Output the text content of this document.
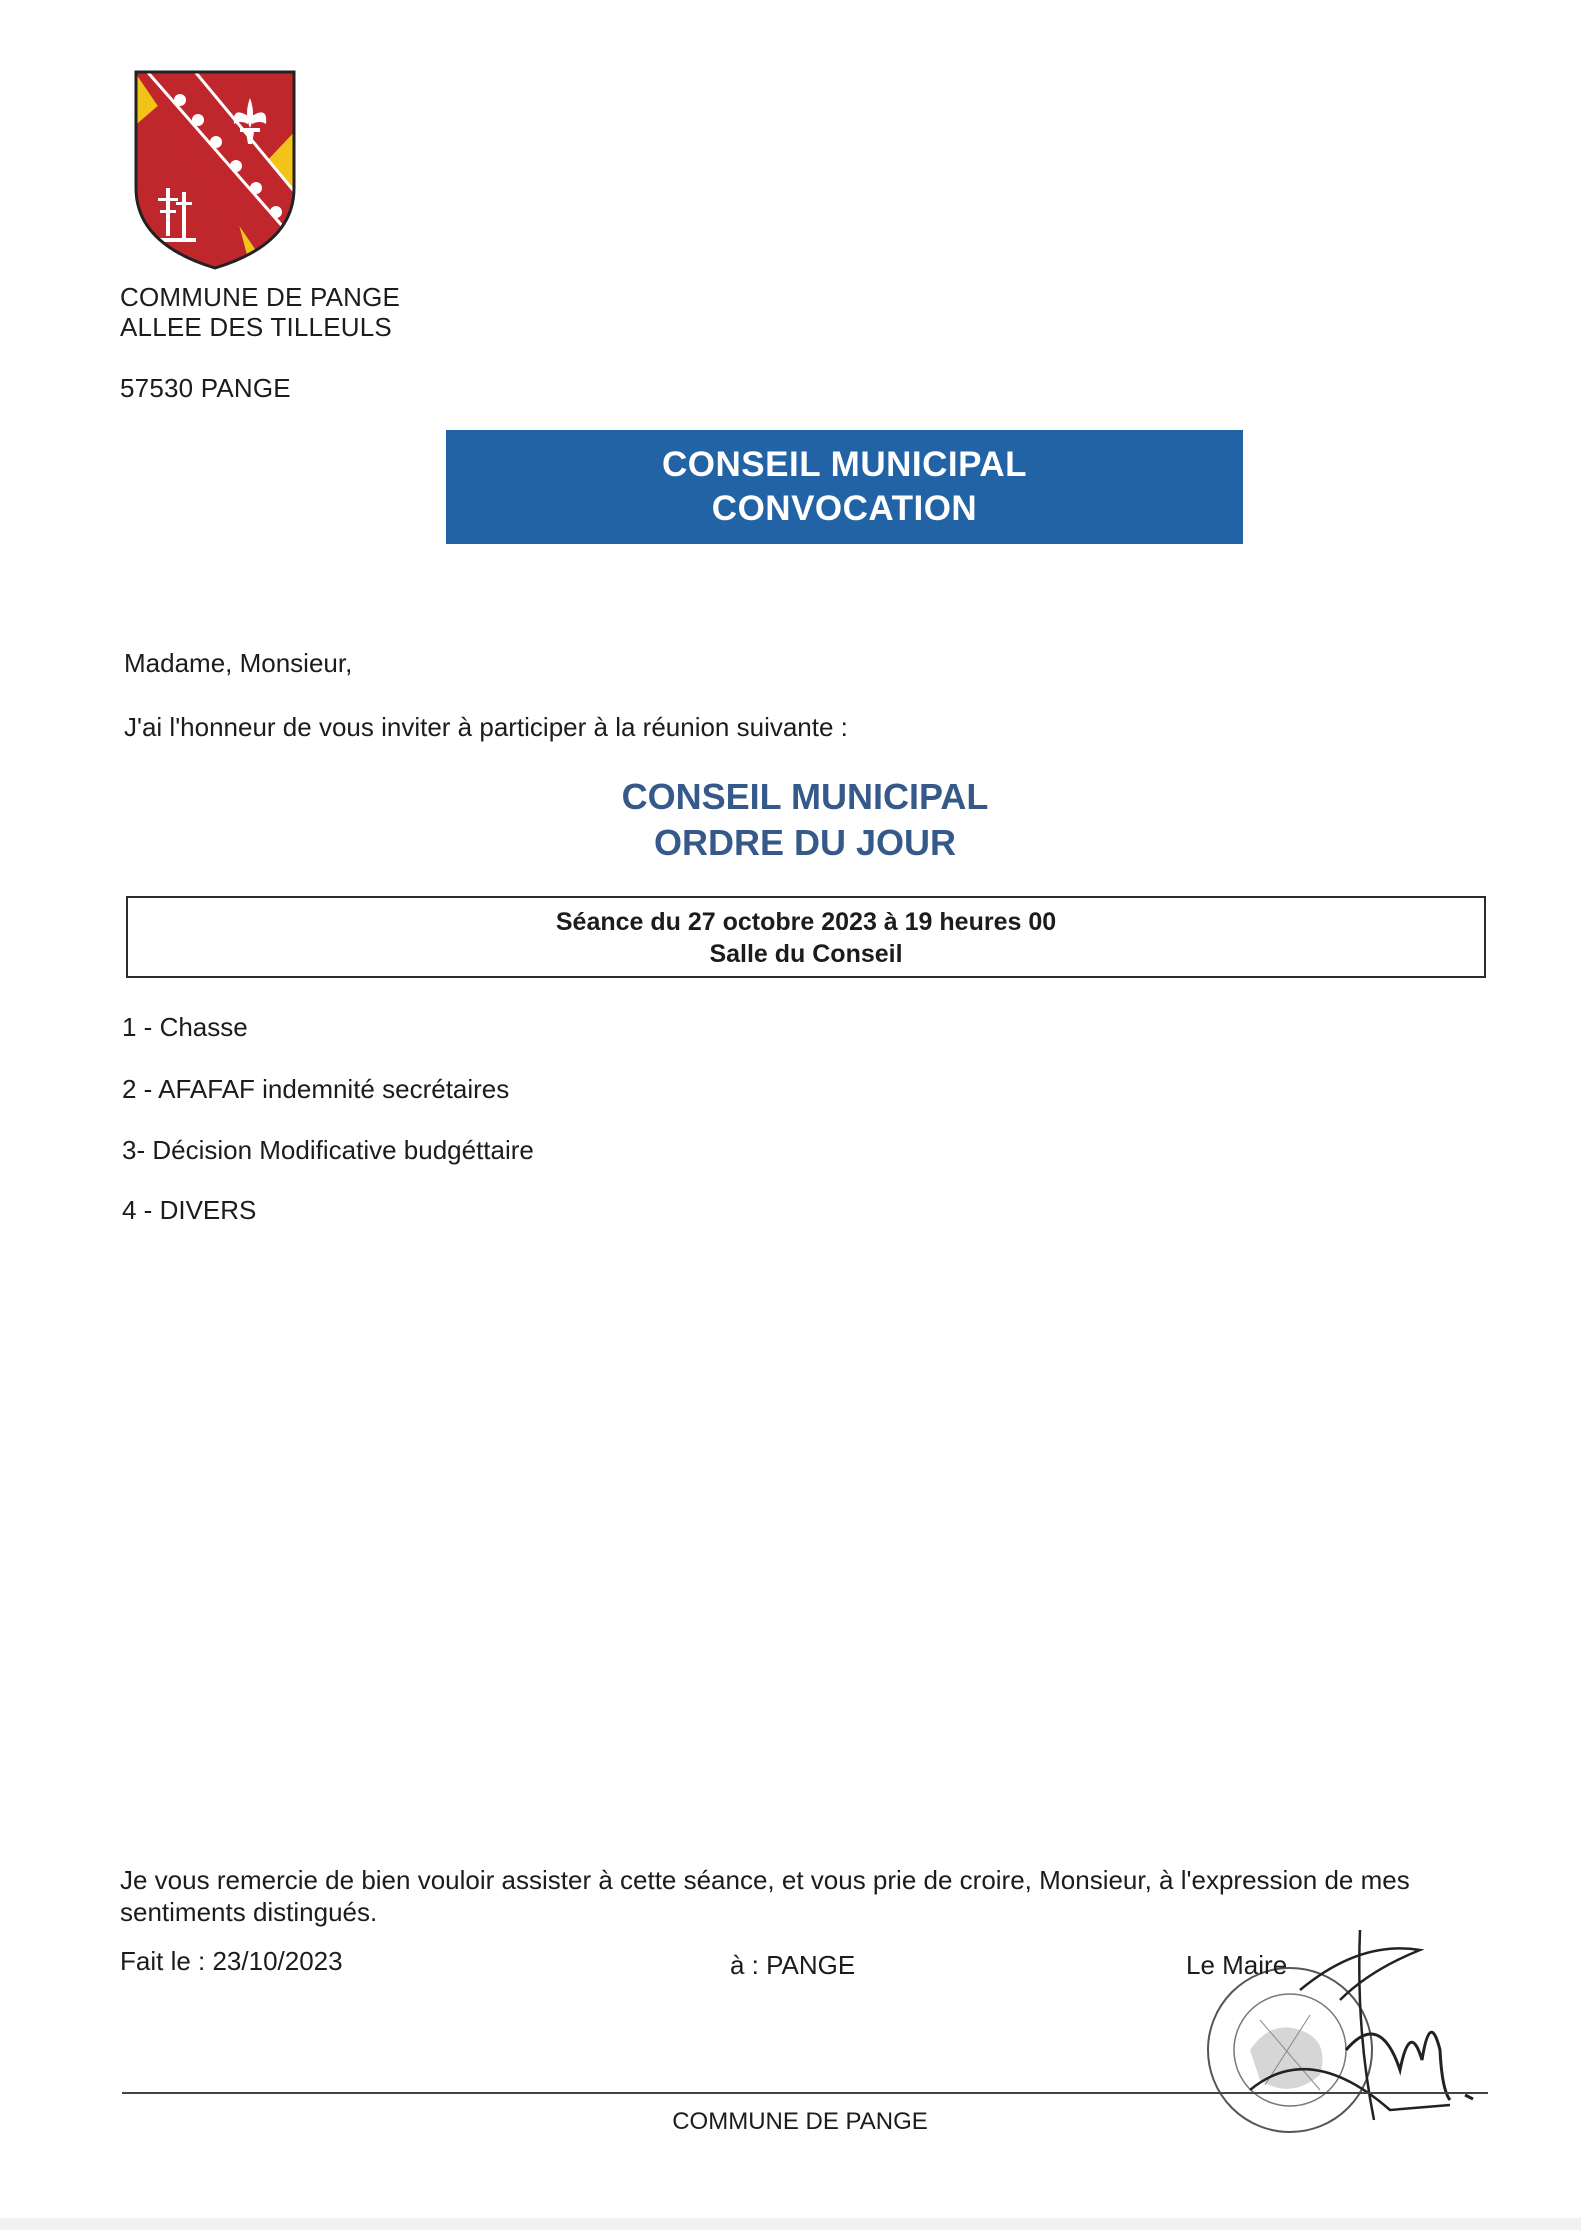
COMMUNE DE PANGE
ALLEE DES TILLEULS
57530 PANGE
CONSEIL MUNICIPAL
CONVOCATION
Madame, Monsieur,
J'ai l'honneur de vous inviter à participer à la réunion suivante :
CONSEIL MUNICIPAL
ORDRE DU JOUR
Séance du 27 octobre 2023 à 19 heures 00
Salle du Conseil
1 - Chasse
2 - AFAFAF indemnité secrétaires
3- Décision Modificative budgéttaire
4 - DIVERS
Je vous remercie de bien vouloir assister à cette séance, et vous prie de croire, Monsieur, à l'expression de mes sentiments distingués.
Fait le : 23/10/2023	à : PANGE	Le Maire
COMMUNE DE PANGE
